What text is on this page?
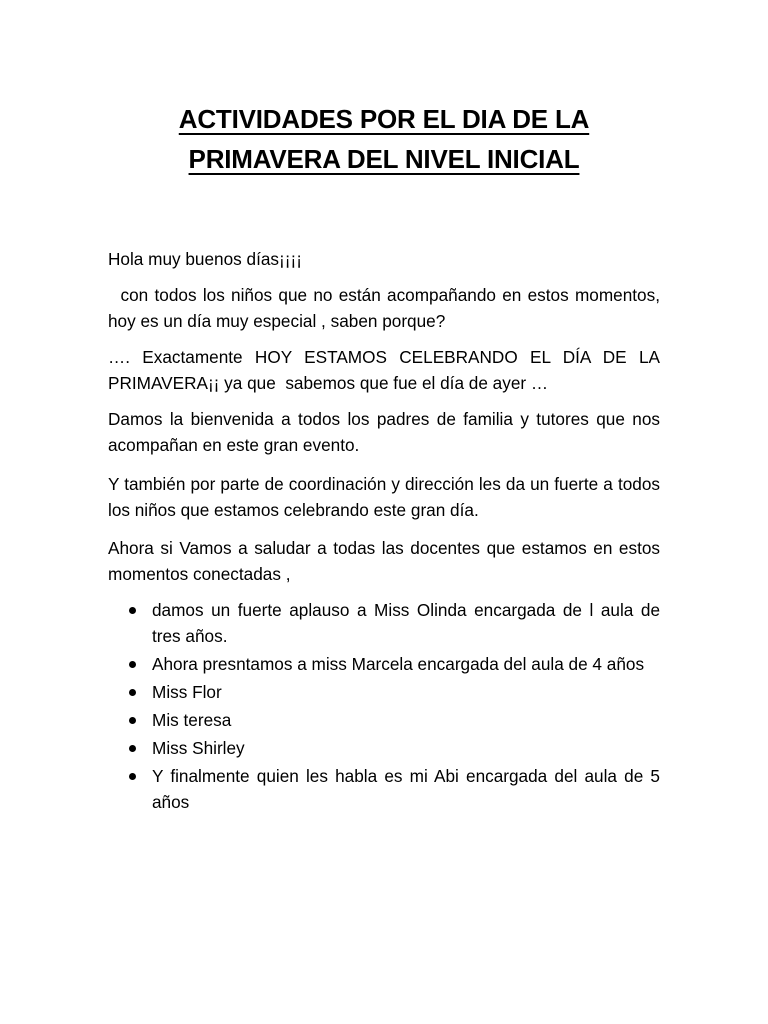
ACTIVIDADES POR EL DIA DE LA
PRIMAVERA DEL NIVEL INICIAL

Hola muy buenos días¡¡¡¡

con todos los niños que no están acompañando en estos momentos, hoy es un día muy especial , saben porque?

…. Exactamente HOY ESTAMOS CELEBRANDO EL DÍA DE LA PRIMAVERA¡¡ ya que  sabemos que fue el día de ayer …

Damos la bienvenida a todos los padres de familia y tutores que nos acompañan en este gran evento.

Y también por parte de coordinación y dirección les da un fuerte a todos los niños que estamos celebrando este gran día.

Ahora si Vamos a saludar a todas las docentes que estamos en estos momentos conectadas ,

damos un fuerte aplauso a Miss Olinda encargada de l aula de tres años.
Ahora presntamos a miss Marcela encargada del aula de 4 años
Miss Flor
Mis teresa
Miss Shirley
Y finalmente quien les habla es mi Abi encargada del aula de 5 años
